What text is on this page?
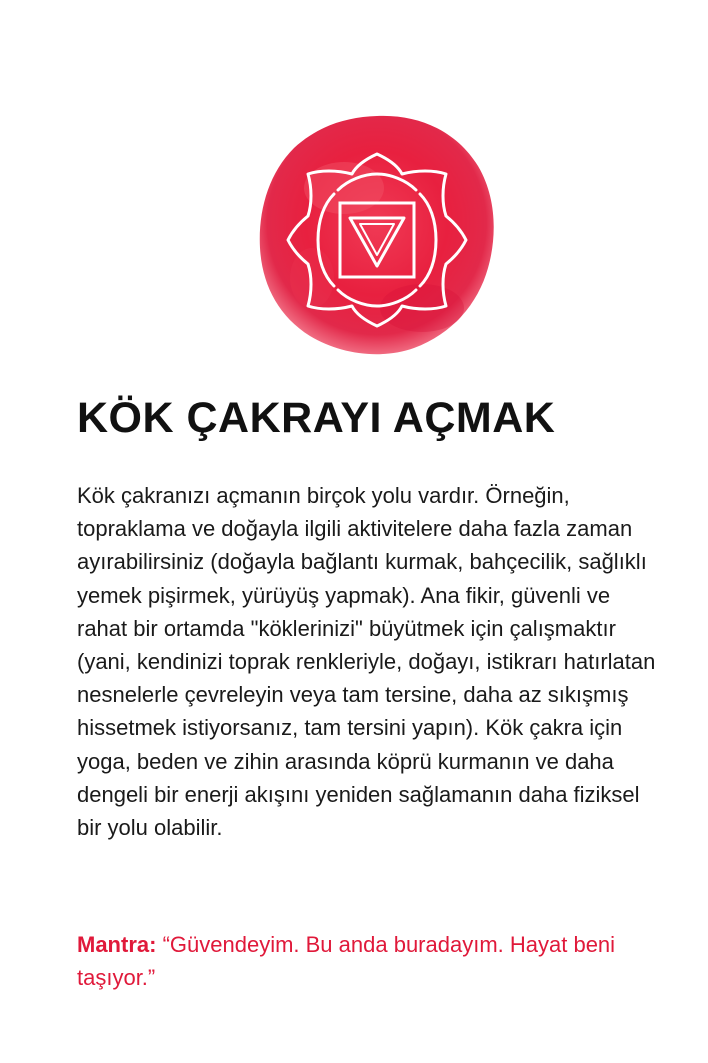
KÖK ÇAKRAYI AÇMAK

Kök çakranızı açmanın birçok yolu vardır. Örneğin, topraklama ve doğayla ilgili aktivitelere daha fazla zaman ayırabilirsiniz (doğayla bağlantı kurmak, bahçecilik, sağlıklı yemek pişirmek, yürüyüş yapmak). Ana fikir, güvenli ve rahat bir ortamda "köklerinizi" büyütmek için çalışmaktır (yani, kendinizi toprak renkleriyle, doğayı, istikrarı hatırlatan nesnelerle çevreleyin veya tam tersine, daha az sıkışmış hissetmek istiyorsanız, tam tersini yapın). Kök çakra için yoga, beden ve zihin arasında köprü kurmanın ve daha dengeli bir enerji akışını yeniden sağlamanın daha fiziksel bir yolu olabilir.

Mantra: “Güvendeyim. Bu anda buradayım. Hayat beni taşıyor.”
